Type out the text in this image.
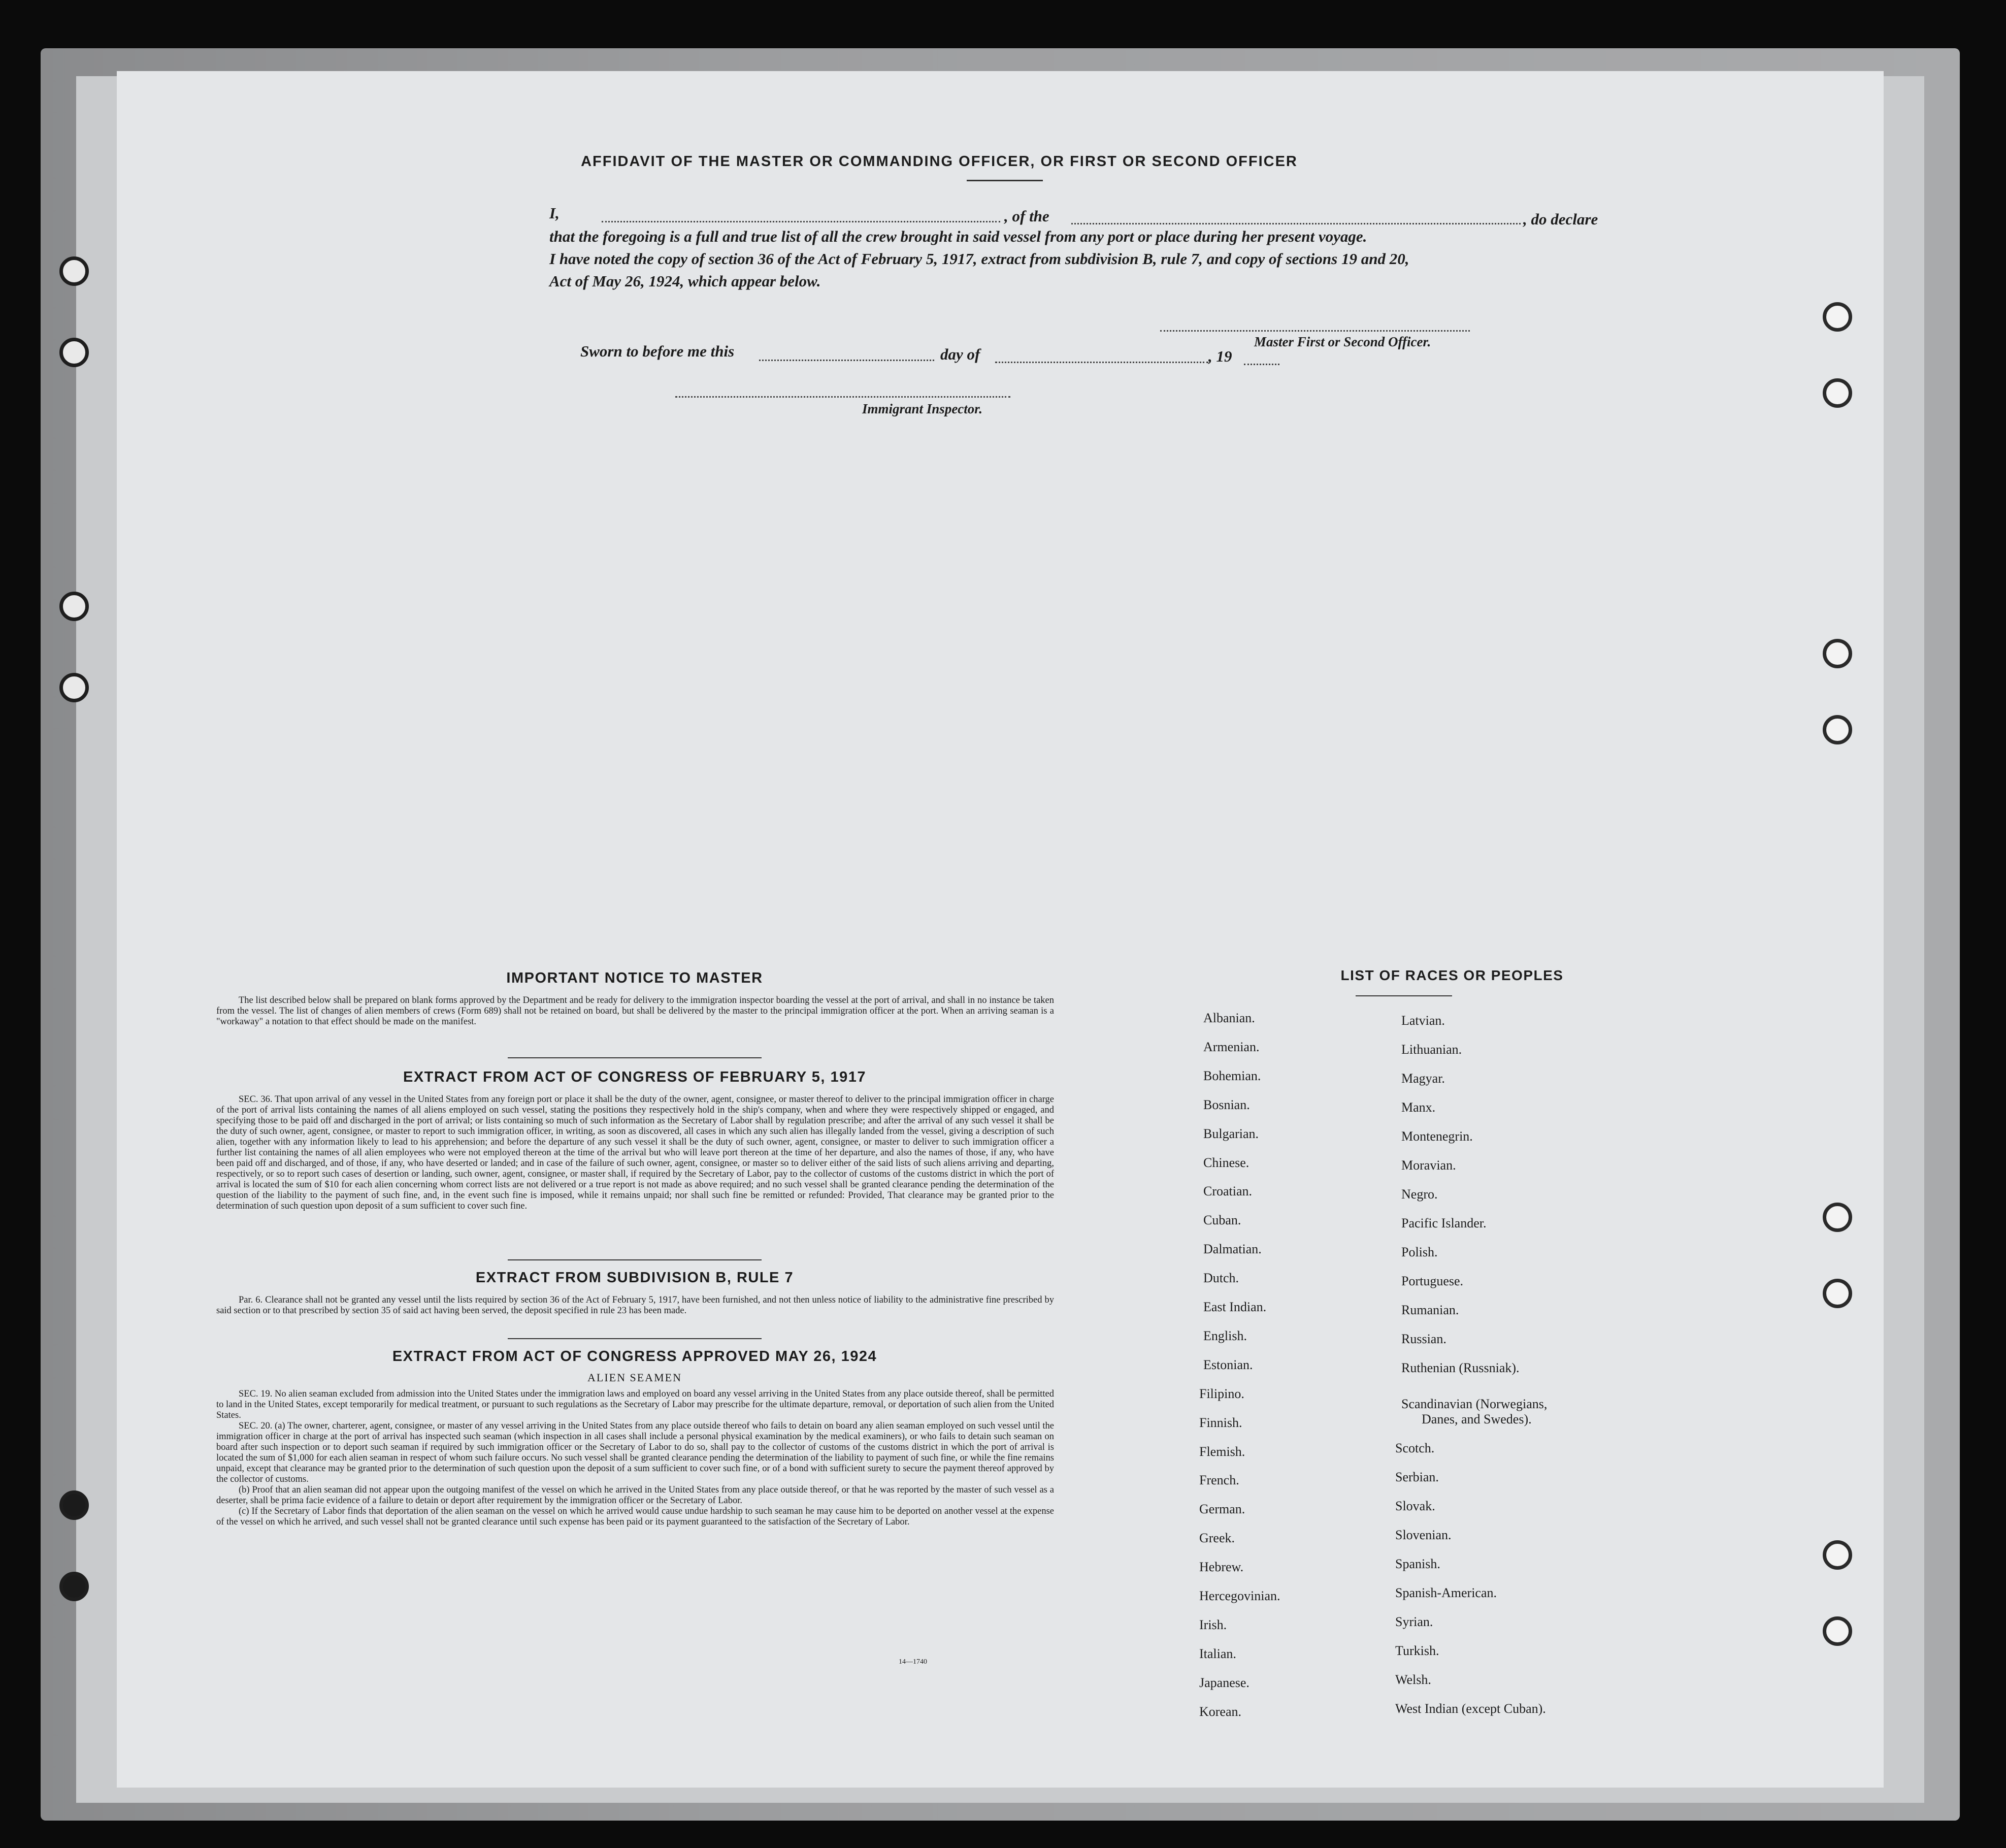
AFFIDAVIT OF THE MASTER OR COMMANDING OFFICER, OR FIRST OR SECOND OFFICER
I,	, of the	, do declare
that the foregoing is a full and true list of all the crew brought in said vessel from any port or place during her present voyage.
I have noted the copy of section 36 of the Act of February 5, 1917, extract from subdivision B, rule 7, and copy of sections 19 and 20,
Act of May 26, 1924, which appear below.
Master First or Second Officer.
Sworn to before me this	day of	, 19
Immigrant Inspector.
IMPORTANT NOTICE TO MASTER

The list described below shall be prepared on blank forms approved by the Department and be ready for delivery to the immigration inspector boarding the vessel at the port of arrival, and shall in no instance be taken from the vessel. The list of changes of alien members of crews (Form 689) shall not be retained on board, but shall be delivered by the master to the principal immigration officer at the port. When an arriving seaman is a "workaway" a notation to that effect should be made on the manifest.

EXTRACT FROM ACT OF CONGRESS OF FEBRUARY 5, 1917

SEC. 36. That upon arrival of any vessel in the United States from any foreign port or place it shall be the duty of the owner, agent, consignee, or master thereof to deliver to the principal immigration officer in charge of the port of arrival lists containing the names of all aliens employed on such vessel, stating the positions they respectively hold in the ship's company, when and where they were respectively shipped or engaged, and specifying those to be paid off and discharged in the port of arrival; or lists containing so much of such information as the Secretary of Labor shall by regulation prescribe; and after the arrival of any such vessel it shall be the duty of such owner, agent, consignee, or master to report to such immigration officer, in writing, as soon as discovered, all cases in which any such alien has illegally landed from the vessel, giving a description of such alien, together with any information likely to lead to his apprehension; and before the departure of any such vessel it shall be the duty of such owner, agent, consignee, or master to deliver to such immigration officer a further list containing the names of all alien employees who were not employed thereon at the time of the arrival but who will leave port thereon at the time of her departure, and also the names of those, if any, who have been paid off and discharged, and of those, if any, who have deserted or landed; and in case of the failure of such owner, agent, consignee, or master so to deliver either of the said lists of such aliens arriving and departing, respectively, or so to report such cases of desertion or landing, such owner, agent, consignee, or master shall, if required by the Secretary of Labor, pay to the collector of customs of the customs district in which the port of arrival is located the sum of $10 for each alien concerning whom correct lists are not delivered or a true report is not made as above required; and no such vessel shall be granted clearance pending the determination of the question of the liability to the payment of such fine, and, in the event such fine is imposed, while it remains unpaid; nor shall such fine be remitted or refunded: Provided, That clearance may be granted prior to the determination of such question upon deposit of a sum sufficient to cover such fine.

EXTRACT FROM SUBDIVISION B, RULE 7

Par. 6. Clearance shall not be granted any vessel until the lists required by section 36 of the Act of February 5, 1917, have been furnished, and not then unless notice of liability to the administrative fine prescribed by said section or to that prescribed by section 35 of said act having been served, the deposit specified in rule 23 has been made.

EXTRACT FROM ACT OF CONGRESS APPROVED MAY 26, 1924
ALIEN SEAMEN

SEC. 19. No alien seaman excluded from admission into the United States under the immigration laws and employed on board any vessel arriving in the United States from any place outside thereof, shall be permitted to land in the United States, except temporarily for medical treatment, or pursuant to such regulations as the Secretary of Labor may prescribe for the ultimate departure, removal, or deportation of such alien from the United States.

SEC. 20. (a) The owner, charterer, agent, consignee, or master of any vessel arriving in the United States from any place outside thereof who fails to detain on board any alien seaman employed on such vessel until the immigration officer in charge at the port of arrival has inspected such seaman (which inspection in all cases shall include a personal physical examination by the medical examiners), or who fails to detain such seaman on board after such inspection or to deport such seaman if required by such immigration officer or the Secretary of Labor to do so, shall pay to the collector of customs of the customs district in which the port of arrival is located the sum of $1,000 for each alien seaman in respect of whom such failure occurs. No such vessel shall be granted clearance pending the determination of the liability to payment of such fine, or while the fine remains unpaid, except that clearance may be granted prior to the determination of such question upon the deposit of a sum sufficient to cover such fine, or of a bond with sufficient surety to secure the payment thereof approved by the collector of customs.

(b) Proof that an alien seaman did not appear upon the outgoing manifest of the vessel on which he arrived in the United States from any place outside thereof, or that he was reported by the master of such vessel as a deserter, shall be prima facie evidence of a failure to detain or deport after requirement by the immigration officer or the Secretary of Labor.

(c) If the Secretary of Labor finds that deportation of the alien seaman on the vessel on which he arrived would cause undue hardship to such seaman he may cause him to be deported on another vessel at the expense of the vessel on which he arrived, and such vessel shall not be granted clearance until such expense has been paid or its payment guaranteed to the satisfaction of the Secretary of Labor.

14—1740
LIST OF RACES OR PEOPLES
Albanian.
Armenian.
Bohemian.
Bosnian.
Bulgarian.
Chinese.
Croatian.
Cuban.
Dalmatian.
Dutch.
East Indian.
English.
Estonian.
Filipino.
Finnish.
Flemish.
French.
German.
Greek.
Hebrew.
Hercegovinian.
Irish.
Italian.
Japanese.
Korean.
Latvian.
Lithuanian.
Magyar.
Manx.
Montenegrin.
Moravian.
Negro.
Pacific Islander.
Polish.
Portuguese.
Rumanian.
Russian.
Ruthenian (Russniak).
Scandinavian (Norwegians,
Danes, and Swedes).
Scotch.
Serbian.
Slovak.
Slovenian.
Spanish.
Spanish-American.
Syrian.
Turkish.
Welsh.
West Indian (except Cuban).
